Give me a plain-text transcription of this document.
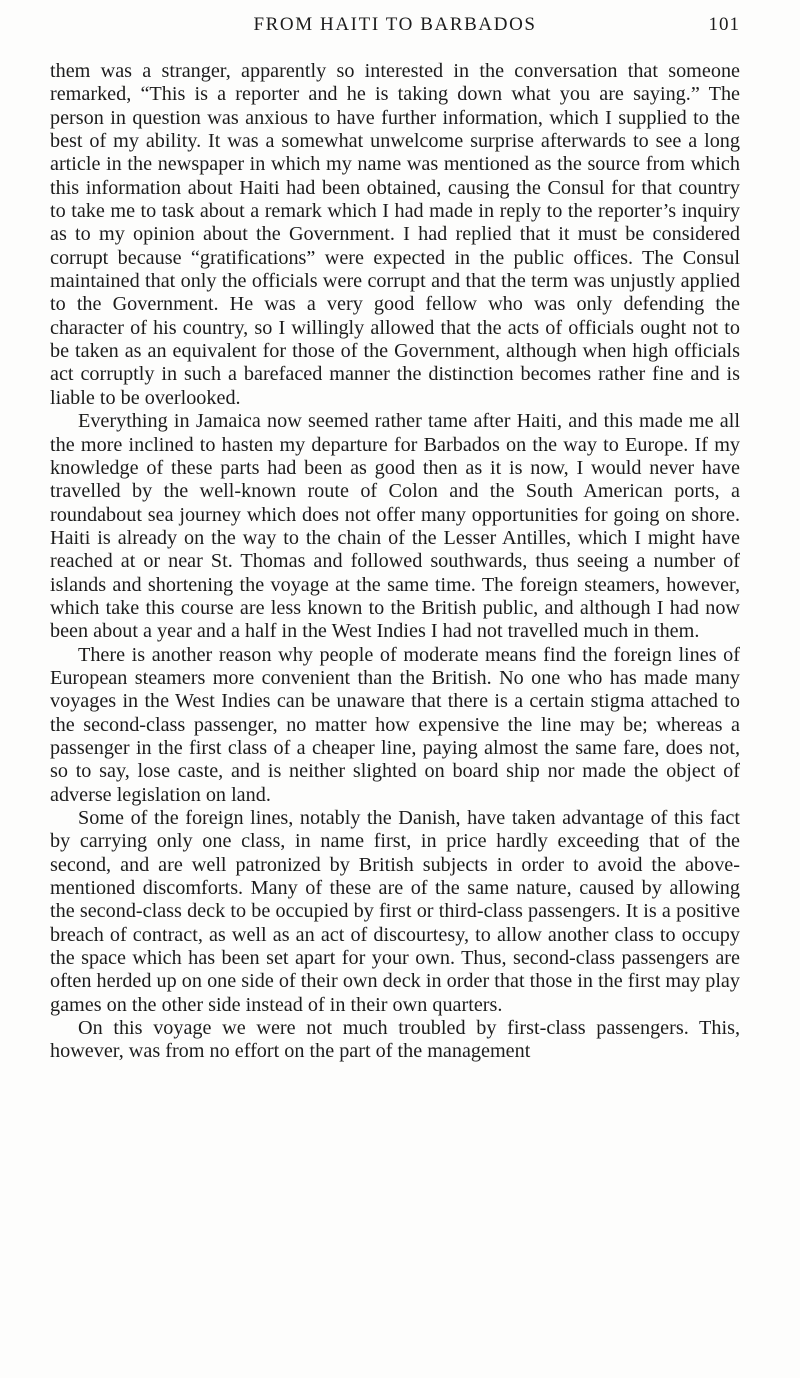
FROM HAITI TO BARBADOS	101

them was a stranger, apparently so interested in the conversation that someone remarked, “This is a reporter and he is taking down what you are saying.” The person in question was anxious to have further information, which I supplied to the best of my ability. It was a somewhat unwelcome surprise afterwards to see a long article in the newspaper in which my name was mentioned as the source from which this information about Haiti had been obtained, causing the Consul for that country to take me to task about a remark which I had made in reply to the reporter’s inquiry as to my opinion about the Government. I had replied that it must be considered corrupt because “gratifications” were expected in the public offices. The Consul maintained that only the officials were corrupt and that the term was unjustly applied to the Government. He was a very good fellow who was only defending the character of his country, so I willingly allowed that the acts of officials ought not to be taken as an equivalent for those of the Government, although when high officials act corruptly in such a barefaced manner the distinction becomes rather fine and is liable to be overlooked.

Everything in Jamaica now seemed rather tame after Haiti, and this made me all the more inclined to hasten my departure for Barbados on the way to Europe. If my knowledge of these parts had been as good then as it is now, I would never have travelled by the well-known route of Colon and the South American ports, a roundabout sea journey which does not offer many opportunities for going on shore. Haiti is already on the way to the chain of the Lesser Antilles, which I might have reached at or near St. Thomas and followed southwards, thus seeing a number of islands and shortening the voyage at the same time. The foreign steamers, however, which take this course are less known to the British public, and although I had now been about a year and a half in the West Indies I had not travelled much in them.

There is another reason why people of moderate means find the foreign lines of European steamers more convenient than the British. No one who has made many voyages in the West Indies can be unaware that there is a certain stigma attached to the second-class passenger, no matter how expensive the line may be; whereas a passenger in the first class of a cheaper line, paying almost the same fare, does not, so to say, lose caste, and is neither slighted on board ship nor made the object of adverse legislation on land.

Some of the foreign lines, notably the Danish, have taken advantage of this fact by carrying only one class, in name first, in price hardly exceeding that of the second, and are well patronized by British subjects in order to avoid the above-mentioned discomforts. Many of these are of the same nature, caused by allowing the second-class deck to be occupied by first or third-class passengers. It is a positive breach of contract, as well as an act of discourtesy, to allow another class to occupy the space which has been set apart for your own. Thus, second-class passengers are often herded up on one side of their own deck in order that those in the first may play games on the other side instead of in their own quarters.

On this voyage we were not much troubled by first-class passengers. This, however, was from no effort on the part of the management
